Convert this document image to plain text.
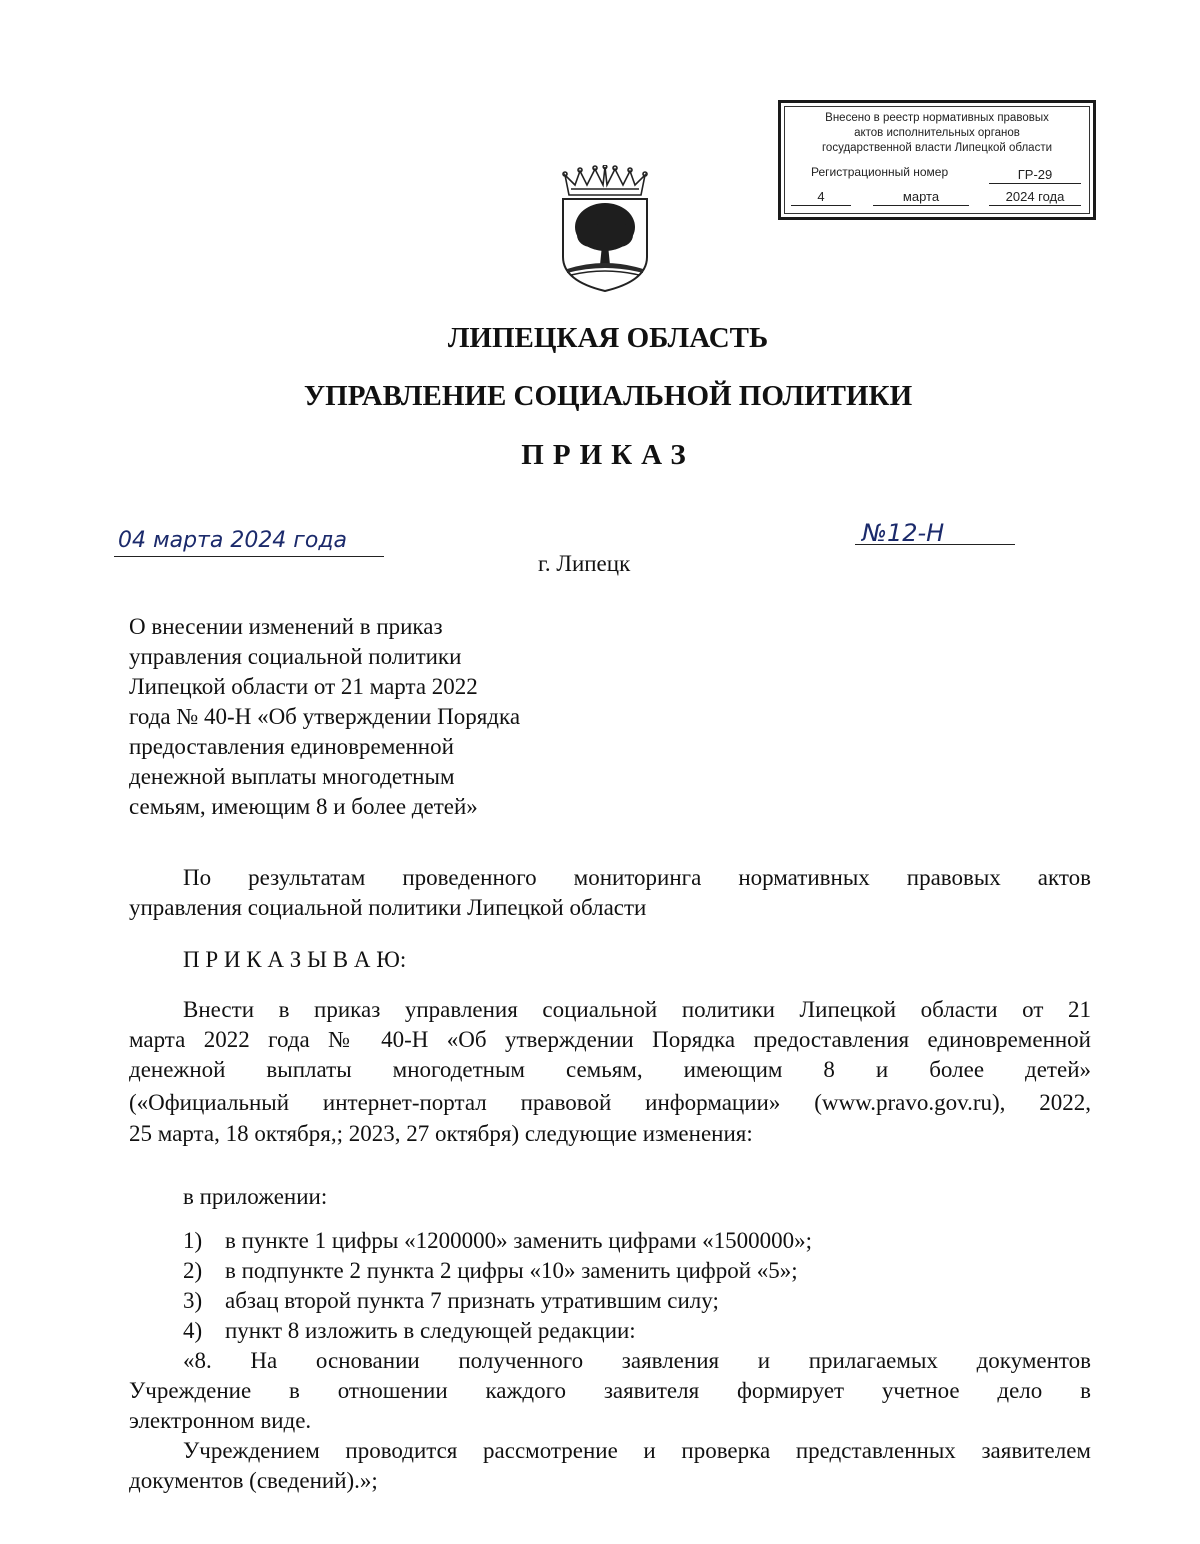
Внесено в реестр нормативных правовых
актов исполнительных органов
государственной власти Липецкой области
Регистрационный номер	ГР-29
4	марта	2024 года
ЛИПЕЦКАЯ ОБЛАСТЬ
УПРАВЛЕНИЕ СОЦИАЛЬНОЙ ПОЛИТИКИ
ПРИКАЗ
04 марта 2024 года	№12-Н
г. Липецк
О внесении изменений в приказ
управления социальной политики
Липецкой области от 21 марта 2022
года № 40-Н «Об утверждении Порядка
предоставления единовременной
денежной выплаты многодетным
семьям, имеющим 8 и более детей»
По результатам проведенного мониторинга нормативных правовых актов
управления социальной политики Липецкой области
П Р И К А З Ы В А Ю:
Внести в приказ управления социальной политики Липецкой области от 21
марта 2022 года № 40-Н «Об утверждении Порядка предоставления единовременной
денежной выплаты многодетным семьям, имеющим 8 и более детей»
(«Официальный интернет-портал правовой информации» (www.pravo.gov.ru), 2022,
25 марта, 18 октября,; 2023, 27 октября) следующие изменения:
в приложении:
1) в пункте 1 цифры «1200000» заменить цифрами «1500000»;
2) в подпункте 2 пункта 2 цифры «10» заменить цифрой «5»;
3) абзац второй пункта 7 признать утратившим силу;
4) пункт 8 изложить в следующей редакции:
«8. На основании полученного заявления и прилагаемых документов
Учреждение в отношении каждого заявителя формирует учетное дело в
электронном виде.
Учреждением проводится рассмотрение и проверка представленных заявителем
документов (сведений).»;
